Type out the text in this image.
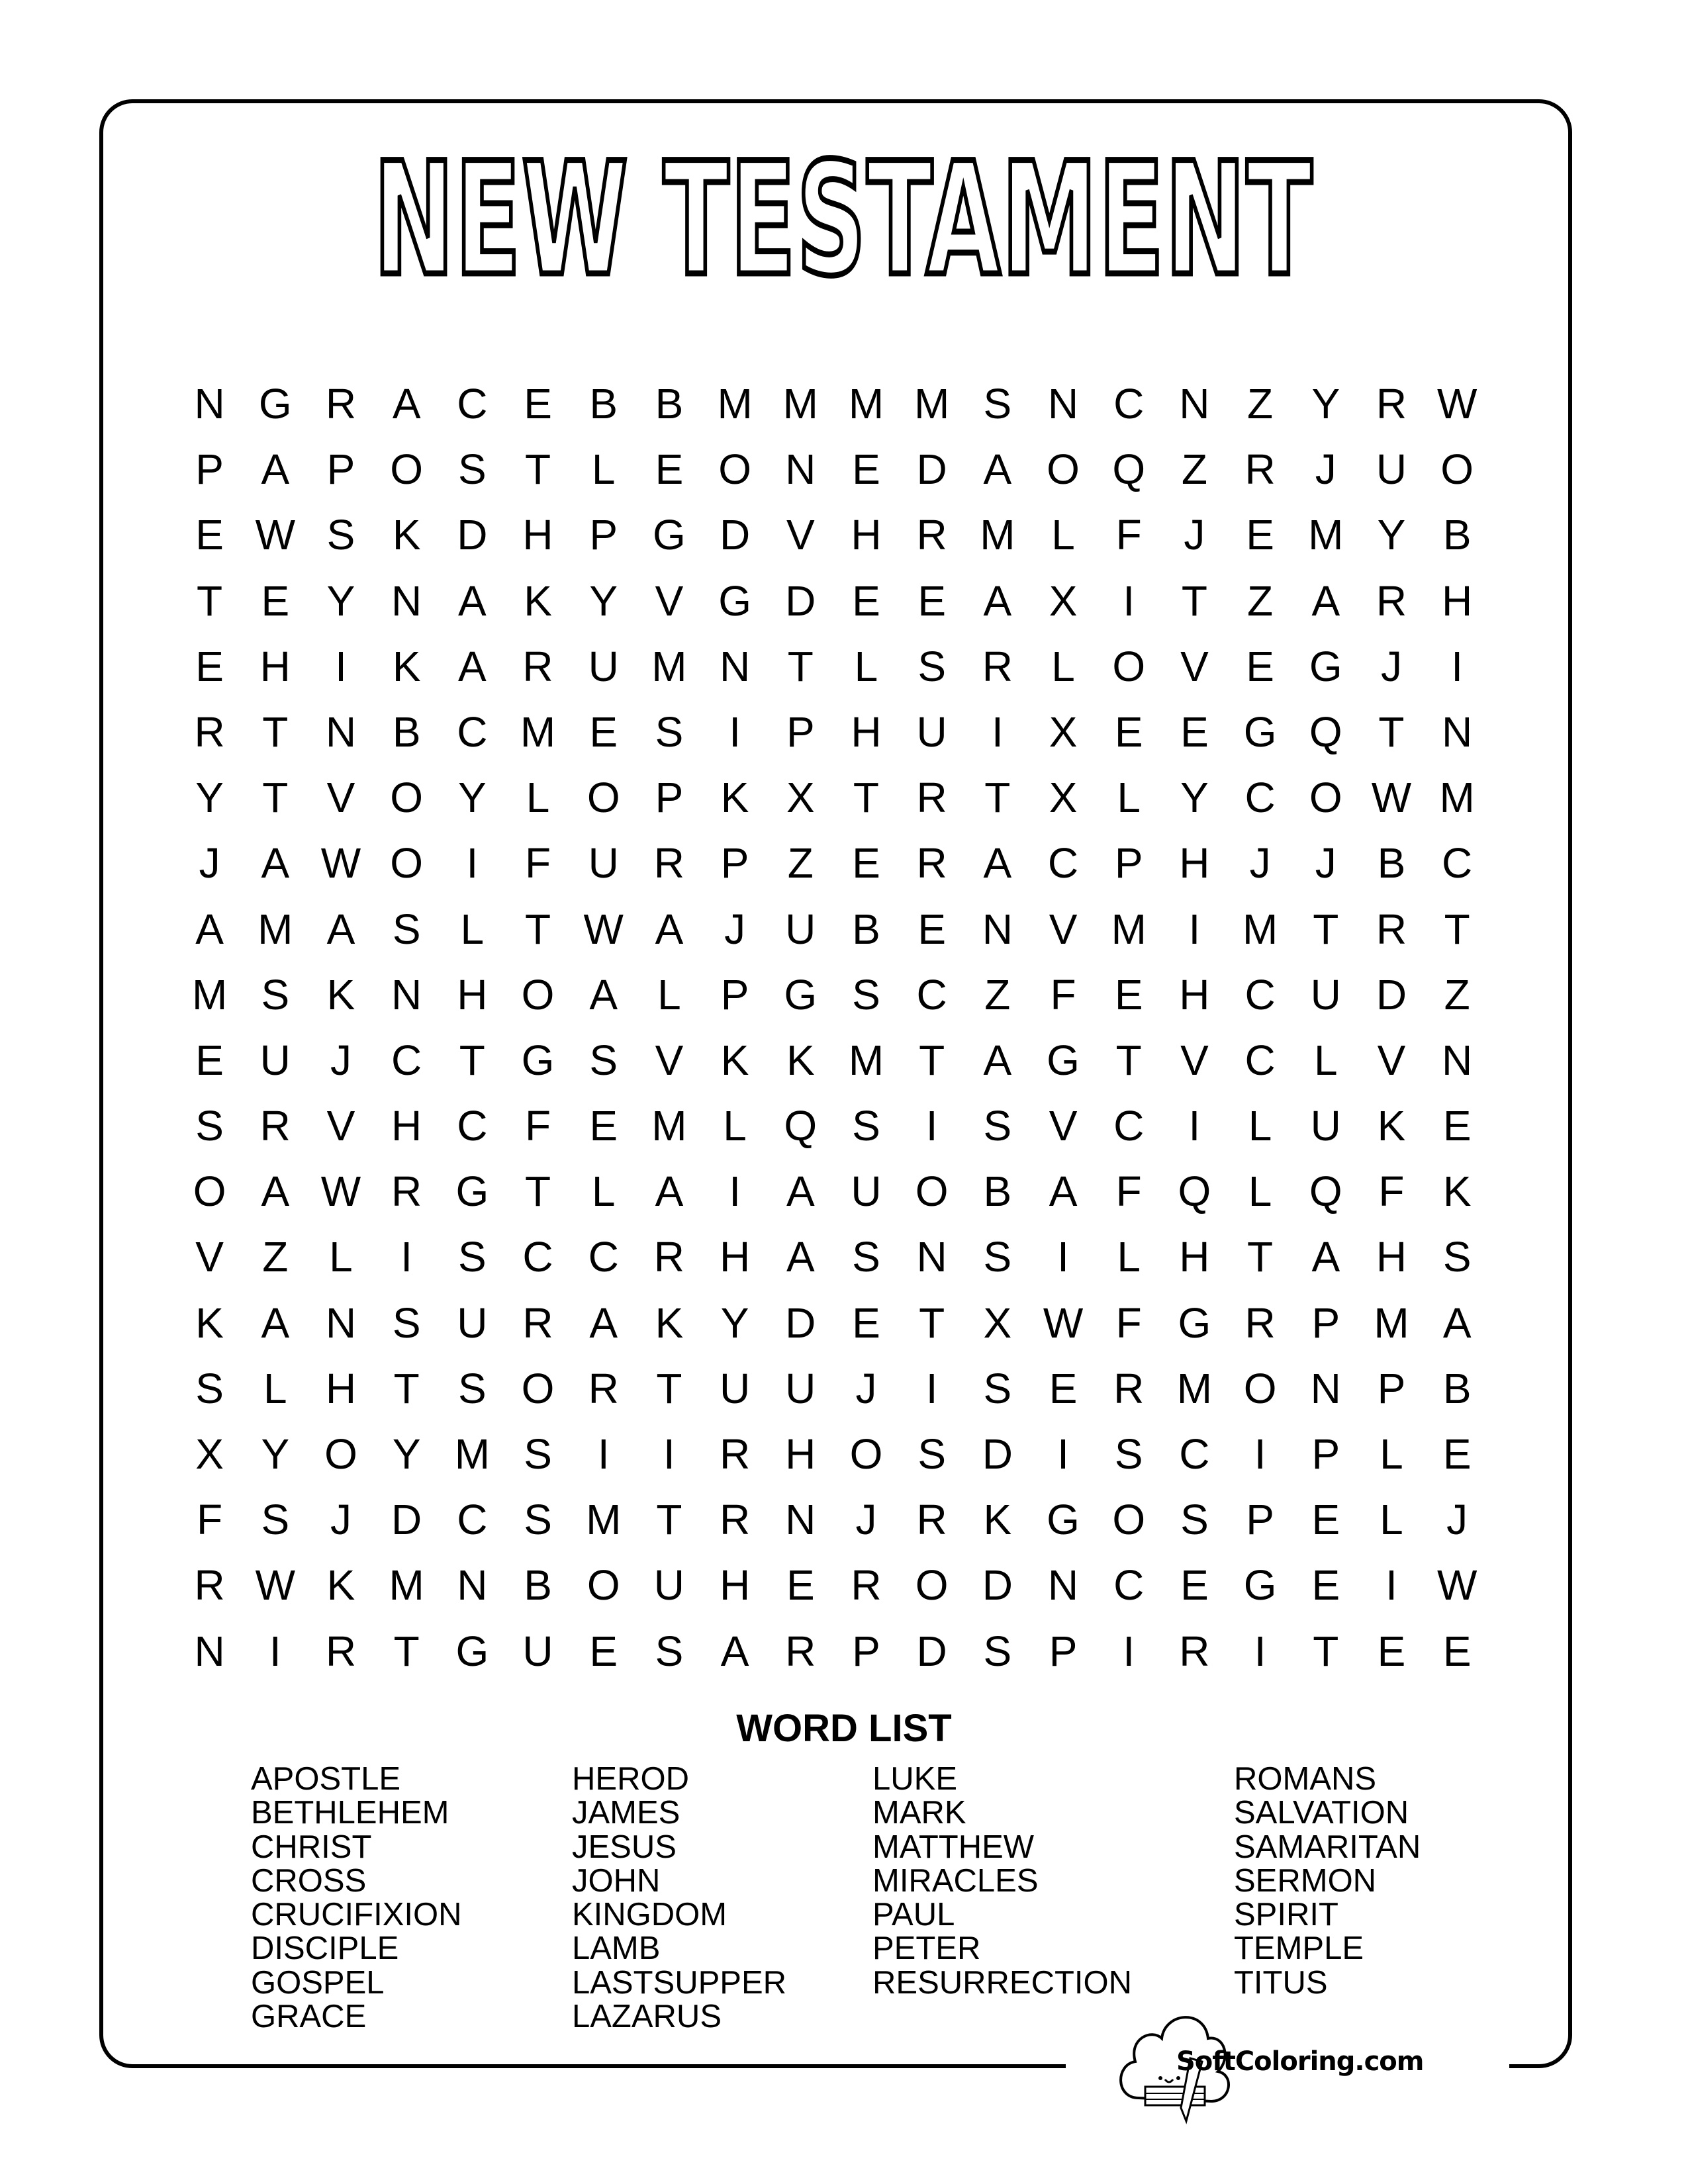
NEW TESTAMENT
N G R A C E B B M M M M S N C N Z Y R W
P A P O S T L E O N E D A O Q Z R J U O
E W S K D H P G D V H R M L F J E M Y B
T E Y N A K Y V G D E E A X	I	T Z A R H
E H	I	K A R U M N T L S R L O V E G J	I
R T N B C M E S	I	P H U	I	X E E G Q T N
Y T V O Y L O P K X T R T X L Y C O W M
J A W O	I	F U R P Z E R A C P H J	J B C
A M A S L T W A J U B E N V M I M T R T
M S K N H O A L P G S C Z F E H C U D Z
E U J C T G S V K K M T A G T V C L V N
S R V H C F E M L Q S	I	S V C	I	L U K E
O A W R G T L A	I	A U O B A F Q L Q F K
V Z L	I	S C C R H A S N S	I	L H T A H S
K A N S U R A K Y D E T X W F G R P M A
S L H T S O R T U U J	I	S E R M O N P B
X Y O Y M S	I	I	R H O S D	I	S C	I	P L E
F S J D C S M T R N J R K G O S P E L	J
R W K M N B O U H E R O D N C E G E	I W
N	I	R T G U E S A R P D S P	I	R	I	T E E
WORD LIST
APOSTLE
BETHLEHEM
CHRIST
CROSS
CRUCIFIXION
DISCIPLE
GOSPEL
GRACE
HEROD
JAMES
JESUS
JOHN
KINGDOM
LAMB
LASTSUPPER
LAZARUS
LUKE
MARK
MATTHEW
MIRACLES
PAUL
PETER
RESURRECTION
ROMANS
SALVATION
SAMARITAN
SERMON
SPIRIT
TEMPLE
TITUS
SoftColoring.com
